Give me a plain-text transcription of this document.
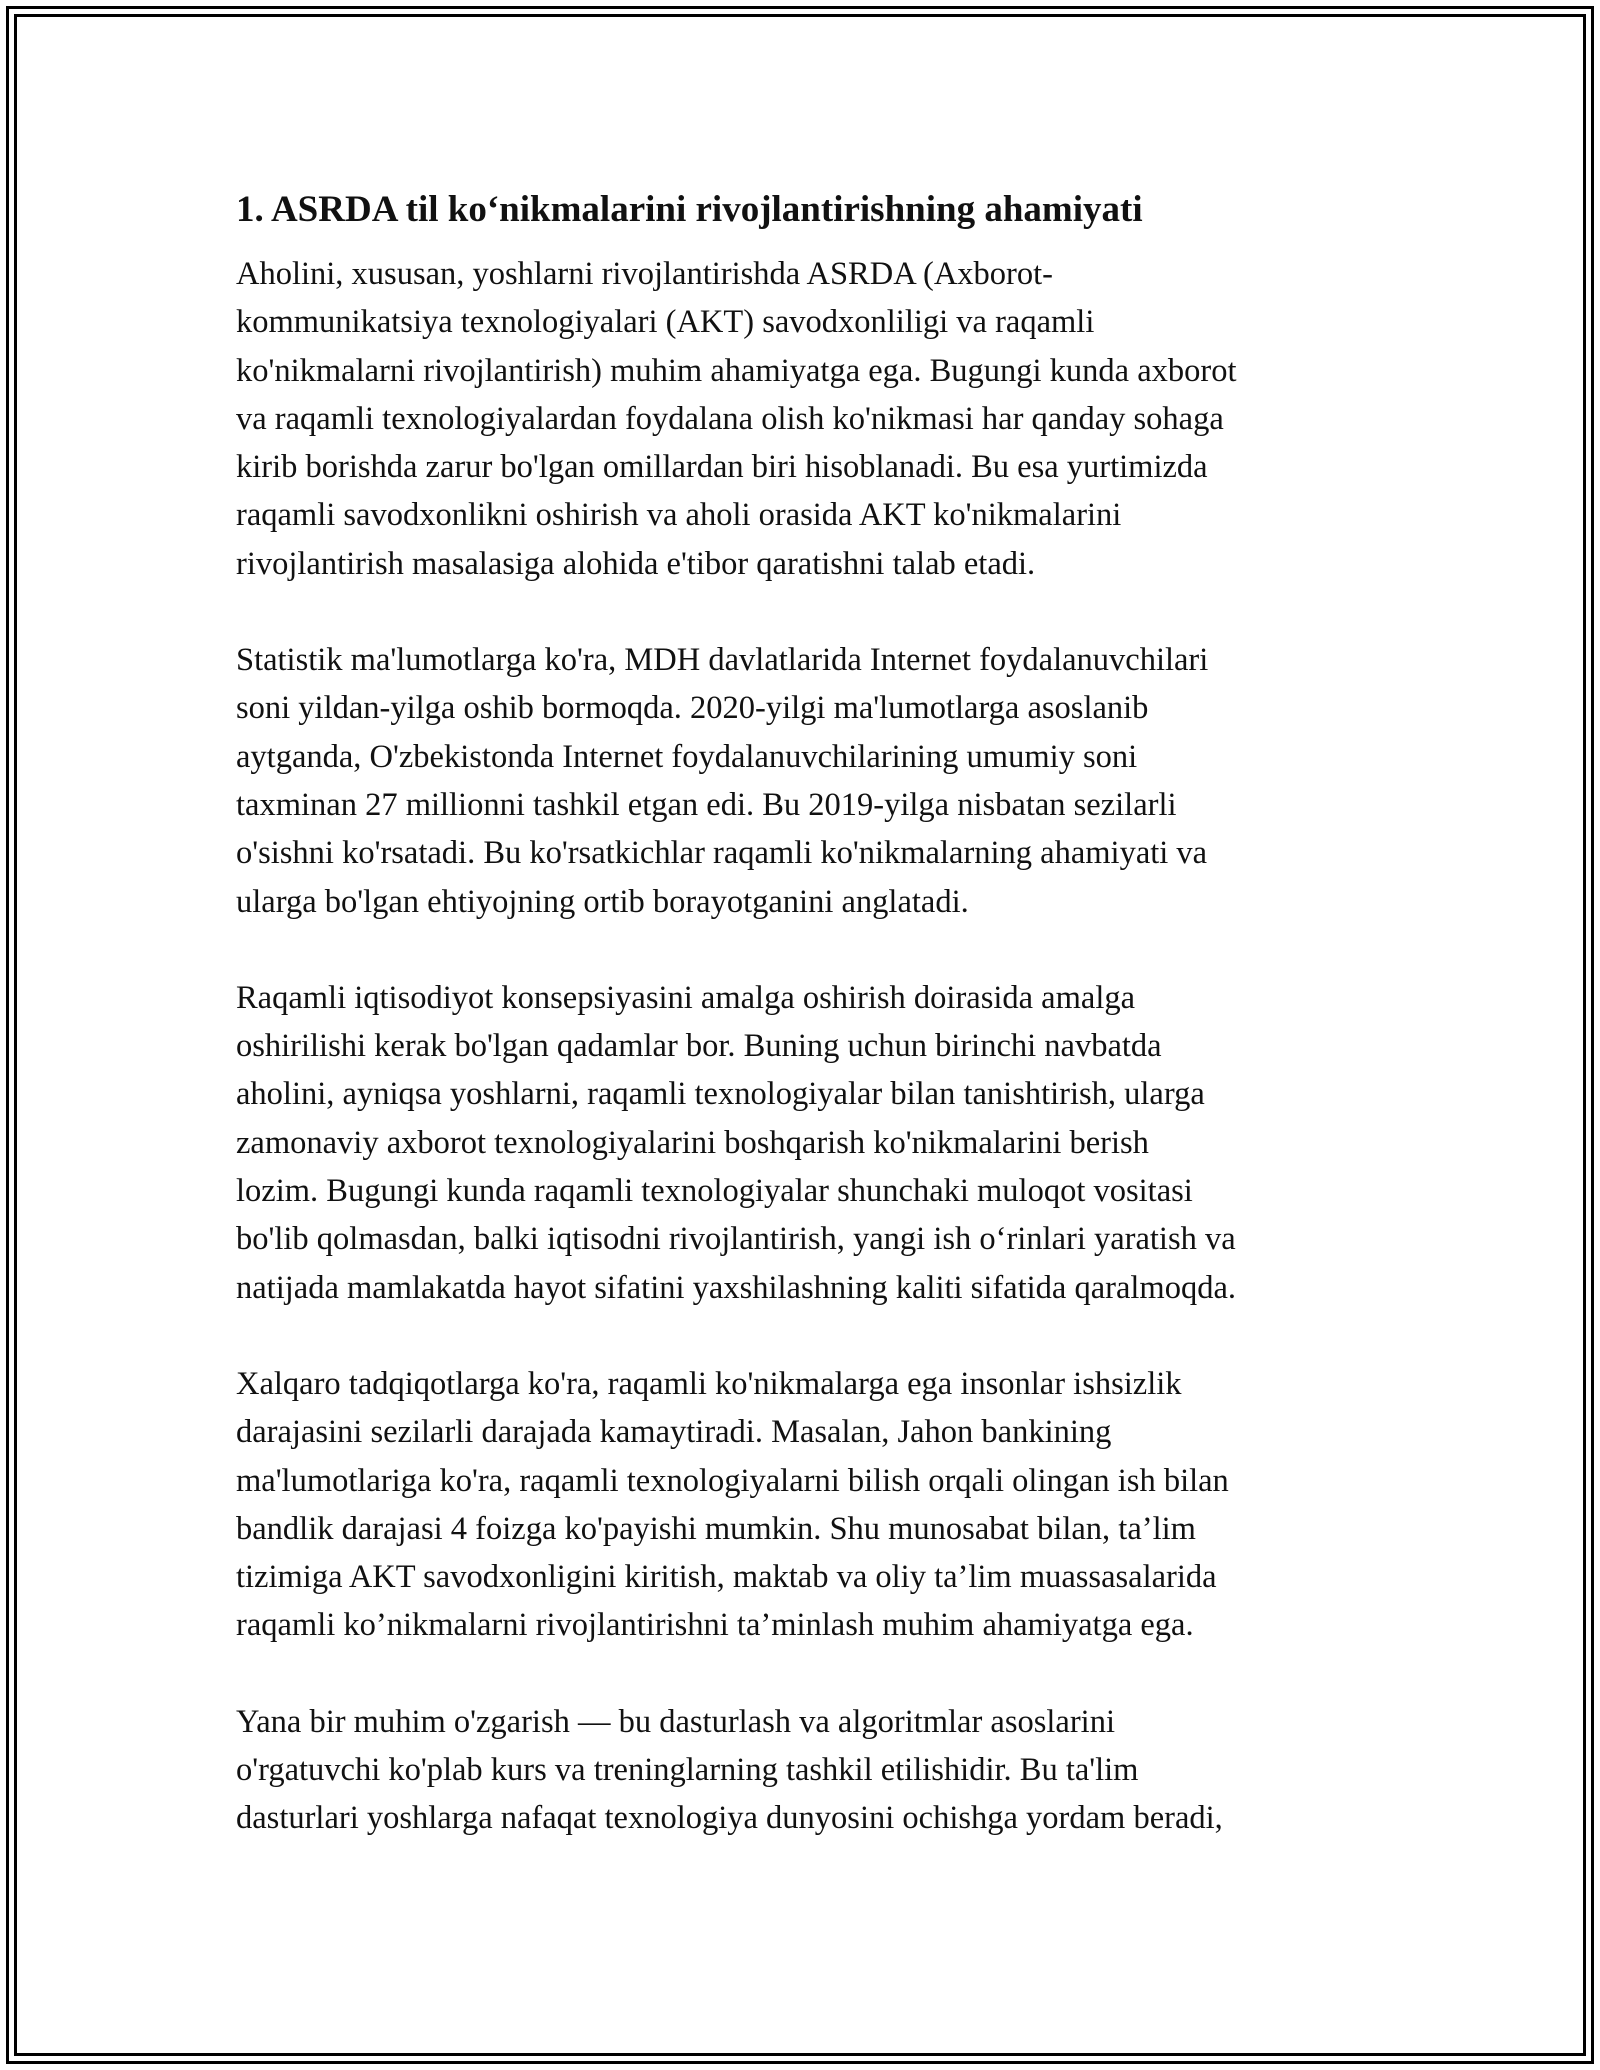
1. ASRDA til ko‘nikmalarini rivojlantirishning ahamiyati

Aholini, xususan, yoshlarni rivojlantirishda ASRDA (Axborot-
kommunikatsiya texnologiyalari (AKT) savodxonliligi va raqamli
ko'nikmalarni rivojlantirish) muhim ahamiyatga ega. Bugungi kunda axborot
va raqamli texnologiyalardan foydalana olish ko'nikmasi har qanday sohaga
kirib borishda zarur bo'lgan omillardan biri hisoblanadi. Bu esa yurtimizda
raqamli savodxonlikni oshirish va aholi orasida AKT ko'nikmalarini
rivojlantirish masalasiga alohida e'tibor qaratishni talab etadi.

Statistik ma'lumotlarga ko'ra, MDH davlatlarida Internet foydalanuvchilari
soni yildan-yilga oshib bormoqda. 2020-yilgi ma'lumotlarga asoslanib
aytganda, O'zbekistonda Internet foydalanuvchilarining umumiy soni
taxminan 27 millionni tashkil etgan edi. Bu 2019-yilga nisbatan sezilarli
o'sishni ko'rsatadi. Bu ko'rsatkichlar raqamli ko'nikmalarning ahamiyati va
ularga bo'lgan ehtiyojning ortib borayotganini anglatadi.

Raqamli iqtisodiyot konsepsiyasini amalga oshirish doirasida amalga
oshirilishi kerak bo'lgan qadamlar bor. Buning uchun birinchi navbatda
aholini, ayniqsa yoshlarni, raqamli texnologiyalar bilan tanishtirish, ularga
zamonaviy axborot texnologiyalarini boshqarish ko'nikmalarini berish
lozim. Bugungi kunda raqamli texnologiyalar shunchaki muloqot vositasi
bo'lib qolmasdan, balki iqtisodni rivojlantirish, yangi ish o‘rinlari yaratish va
natijada mamlakatda hayot sifatini yaxshilashning kaliti sifatida qaralmoqda.

Xalqaro tadqiqotlarga ko'ra, raqamli ko'nikmalarga ega insonlar ishsizlik
darajasini sezilarli darajada kamaytiradi. Masalan, Jahon bankining
ma'lumotlariga ko'ra, raqamli texnologiyalarni bilish orqali olingan ish bilan
bandlik darajasi 4 foizga ko'payishi mumkin. Shu munosabat bilan, ta’lim
tizimiga AKT savodxonligini kiritish, maktab va oliy ta’lim muassasalarida
raqamli ko’nikmalarni rivojlantirishni ta’minlash muhim ahamiyatga ega.

Yana bir muhim o'zgarish — bu dasturlash va algoritmlar asoslarini
o'rgatuvchi ko'plab kurs va treninglarning tashkil etilishidir. Bu ta'lim
dasturlari yoshlarga nafaqat texnologiya dunyosini ochishga yordam beradi,
